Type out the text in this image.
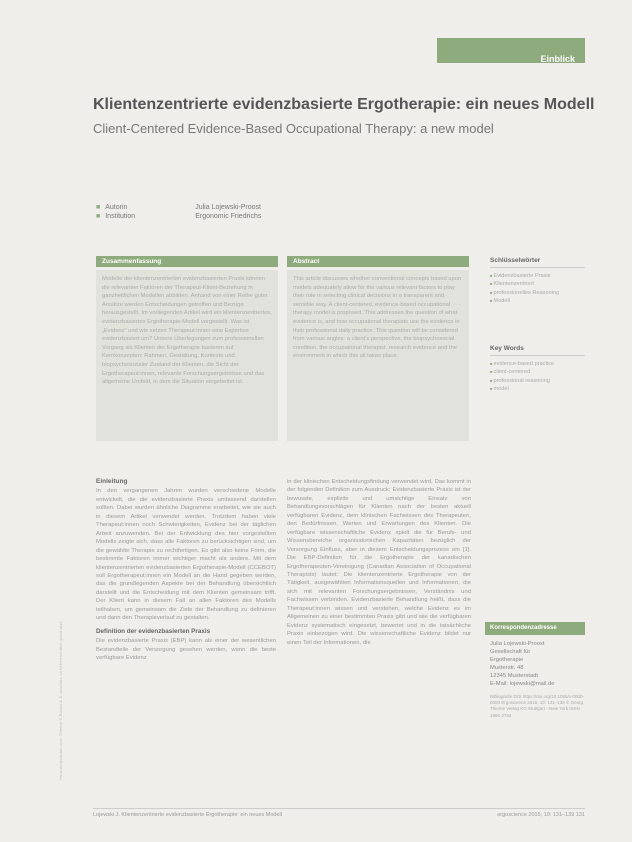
Heruntergeladen von: Thieme E-Books & E-Journals. Urheberrechtlich geschützt.
Einblick
Klientenzentrierte evidenzbasierte Ergotherapie: ein neues Modell
Client-Centered Evidence-Based Occupational Therapy: a new model
■ Autorin	Julia Lojewski-Proost
■ Institution	Ergonomic Friedrichs
Zusammenfassung
Modelle der klientenzentrierten evidenzbasierten Praxis können die relevanten Faktoren der Therapeut-Klient-Beziehung in ganzheitlichen Modellen abbilden. Anhand von einer Reihe guter Ansätze werden Entscheidungen getroffen und Bezüge herausgestellt. Im vorliegenden Artikel wird ein klientenzentriertes, evidenzbasiertes Ergotherapie-Modell vorgestellt. Was ist „Evidenz“ und wie setzen Therapeut:innen eine Expertise evidenzbasiert um? Unsere Überlegungen zum professionellen Vorgang als Klienten der Ergotherapie basieren auf Kernkonzepten: Rahmen, Gestaltung, Kontexte und biopsychosozialer Zustand der Klienten, die Sicht der Ergotherapeut:innen, relevante Forschungsergebnisse und das allgemeine Umfeld, in dem die Situation eingebettet ist.
Abstract
This article discusses whether conventional concepts based upon models adequately allow for the various relevant factors to play their role in selecting clinical decisions in a transparent and sensible way. A client-centered, evidence-based occupational therapy model is proposed. This addresses the question of what evidence is, and how occupational therapists use the evidence in their professional daily practice. This question will be considered from various angles: a client's perspective, the biopsychosocial condition, the occupational therapist, research evidence and the environment in which this all takes place.
Schlüsselwörter
■ Evidenzbasierte Praxis
■ Klientenzentriert
■ professionelles Reasoning
■ Modell
Key Words
■ evidence-based practice
■ client-centered
■ professional reasoning
■ model

Einleitung

In den vergangenen Jahren wurden verschiedene Modelle entwickelt, die die evidenzbasierte Praxis umfassend darstellen sollten. Dabei wurden ähnliche Diagramme erarbeitet, wie sie auch in diesem Artikel verwendet werden. Trotzdem haben viele Therapeut:innen noch Schwierigkeiten, Evidenz bei der täglichen Arbeit anzuwenden. Bei der Entwicklung des hier vorgestellten Modells zeigte sich, dass alle Faktoren zu berücksichtigen sind, um die gewählte Therapie zu rechtfertigen. Es gibt also keine Form, die bestimmte Faktoren immer wichtiger macht als andere. Mit dem klientenzentrierten evidenzbasierten Ergotherapie-Modell (CCEBOT) soll Ergotherapeut:innen ein Modell an die Hand gegeben werden, das die grundlegenden Aspekte bei der Behandlung übersichtlich darstellt und die Entscheidung mit dem Klienten gemeinsam trifft. Der Klient kann in diesem Fall an allen Faktoren des Modells teilhaben, um gemeinsam die Ziele der Behandlung zu definieren und dann den Therapieverlauf zu gestalten.

Definition der evidenzbasierten Praxis

Die evidenzbasierte Praxis (EBP) kann als einer der wesentlichen Bestandteile der Versorgung gesehen werden, wenn die beste verfügbare Evidenz

in der klinischen Entscheidungsfindung verwendet wird. Das kommt in der folgenden Definition zum Ausdruck: Evidenzbasierte Praxis ist der bewusste, explizite und umsichtige Einsatz von Behandlungsvorschlägen für Klienten nach der besten aktuell verfügbaren Evidenz, dem klinischen Fachwissen des Therapeuten, den Bedürfnissen, Werten und Erwartungen des Klienten. Die verfügbare wissenschaftliche Evidenz spielt die für Berufs- und Wissensbereiche organisatorischen Kapazitäten bezüglich der Versorgung Einfluss, aber in diesem Entscheidungsprozess ein [1]. Die EBP-Definition für die Ergotherapie der kanadischen Ergotherapeuten-Vereinigung (Canadian Association of Occupational Therapists) lautet: Die klientenzentrierte Ergotherapie von der Tätigkeit, ausgewählten Informationsquellen und Informationen, die sich mit relevanten Forschungsergebnissen, Verständnis und Fachwissen verbinden. Evidenzbasierte Behandlung heißt, dass die Therapeut:innen wissen und verstehen, welche Evidenz es im Allgemeinen zu einer bestimmten Praxis gibt und wie die verfügbaren Evidenz systematisch eingesetzt, bewertet und in die tatsächliche Praxis einbezogen wird. Die wissenschaftliche Evidenz bildet nur einen Teil der Informationen, die

Korrespondenzadresse
Julia Lojewski-Proost
Gesellschaft für
Ergotherapie
Musterstr. 48
12345 Musterstadt
E-Mail: lojewski@mail.de
Bibliografie DOI https://doi.org/10.1055/s-0000-0000 Ergoscience 2015; 10: 131–139 © Georg Thieme Verlag KG Stuttgart · New York ISSN 1860-2754
Lojewski J. Klientenzentrierte evidenzbasierte Ergotherapie: ein neues Modell	ergoscience 2015; 10: 131–139 131
